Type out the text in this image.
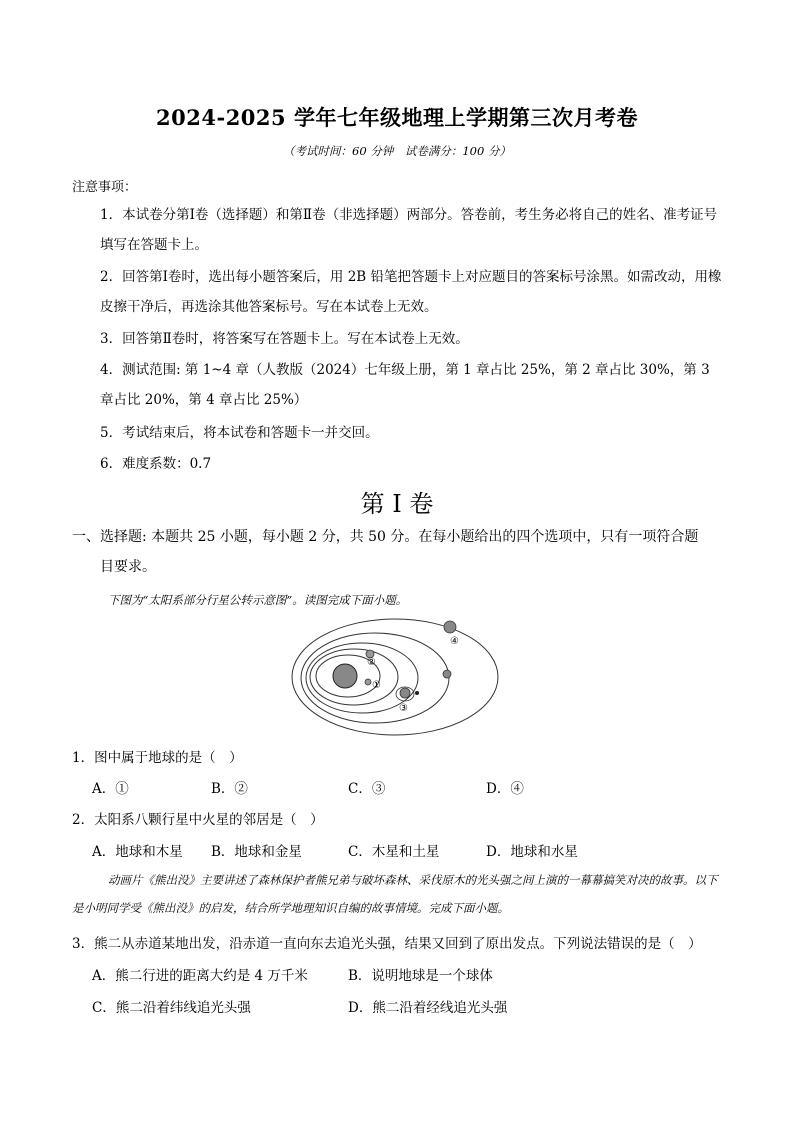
2024-2025 学年七年级地理上学期第三次月考卷
（考试时间：60 分钟　试卷满分：100 分）
注意事项：
1．本试卷分第Ⅰ卷（选择题）和第Ⅱ卷（非选择题）两部分。答卷前，考生务必将自己的姓名、准考证号填写在答题卡上。
2．回答第Ⅰ卷时，选出每小题答案后，用 2B 铅笔把答题卡上对应题目的答案标号涂黑。如需改动，用橡皮擦干净后，再选涂其他答案标号。写在本试卷上无效。
3．回答第Ⅱ卷时，将答案写在答题卡上。写在本试卷上无效。
4．测试范围: 第 1~4 章（人教版（2024）七年级上册，第 1 章占比 25%，第 2 章占比 30%，第 3 章占比 20%，第 4 章占比 25%）
5．考试结束后，将本试卷和答题卡一并交回。
6．难度系数：0.7
第 I 卷
一、选择题: 本题共 25 小题，每小题 2 分，共 50 分。在每小题给出的四个选项中，只有一项符合题
目要求。
下图为“太阳系部分行星公转示意图”。读图完成下面小题。
②
①
③
④
1．图中属于地球的是（　）
A．①	B．②	C．③	D．④
2．太阳系八颗行星中火星的邻居是（　）
A．地球和木星 B．地球和金星	C．木星和土星	D．地球和水星
动画片《熊出没》主要讲述了森林保护者熊兄弟与破坏森林、采伐原木的光头强之间上演的一幕幕搞笑对决的故事。以下是小明同学受《熊出没》的启发，结合所学地理知识自编的故事情境。完成下面小题。
3．熊二从赤道某地出发，沿赤道一直向东去追光头强，结果又回到了原出发点。下列说法错误的是（　）
A．熊二行进的距离大约是 4 万千米	B．说明地球是一个球体
C．熊二沿着纬线追光头强	D．熊二沿着经线追光头强
